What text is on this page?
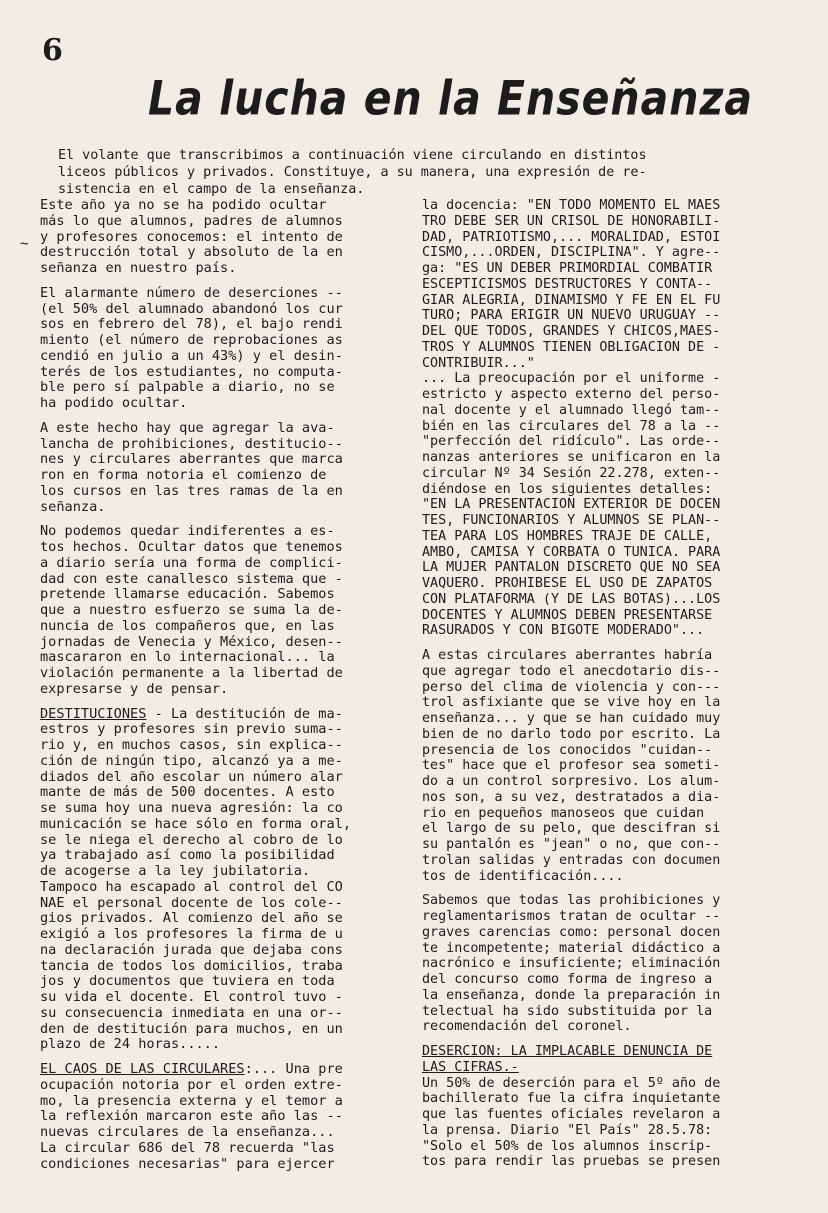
6
La lucha en la Enseñanza

El volante que transcribimos a continuación viene circulando en distintos

liceos públicos y privados. Constituye, a su manera, una expresión de re-

sistencia en el campo de la enseñanza.

~
Este año ya no se ha podido ocultar
más lo que alumnos, padres de alumnos
y profesores conocemos: el intento de
destrucción total y absoluto de la en
señanza en nuestro país.
El alarmante número de deserciones --
(el 50% del alumnado abandonó los cur
sos en febrero del 78), el bajo rendi
miento (el número de reprobaciones as
cendió en julio a un 43%) y el desin-
terés de los estudiantes, no computa-
ble pero sí palpable a diario, no se
ha podido ocultar.
A este hecho hay que agregar la ava-
lancha de prohibiciones, destitucio--
nes y circulares aberrantes que marca
ron en forma notoria el comienzo de
los cursos en las tres ramas de la en
señanza.
No podemos quedar indiferentes a es-
tos hechos. Ocultar datos que tenemos
a diario sería una forma de complici-
dad con este canallesco sistema que -
pretende llamarse educación. Sabemos
que a nuestro esfuerzo se suma la de-
nuncia de los compañeros que, en las
jornadas de Venecia y México, desen--
mascararon en lo internacional... la
violación permanente a la libertad de
expresarse y de pensar.
DESTITUCIONES - La destitución de ma-
estros y profesores sin previo suma--
rio y, en muchos casos, sin explica--
ción de ningún tipo, alcanzó ya a me-
diados del año escolar un número alar
mante de más de 500 docentes. A esto
se suma hoy una nueva agresión: la co
municación se hace sólo en forma oral,
se le niega el derecho al cobro de lo
ya trabajado así como la posibilidad
de acogerse a la ley jubilatoria.
Tampoco ha escapado al control del CO
NAE el personal docente de los cole--
gios privados. Al comienzo del año se
exigió a los profesores la firma de u
na declaración jurada que dejaba cons
tancia de todos los domicilios, traba
jos y documentos que tuviera en toda
su vida el docente. El control tuvo -
su consecuencia inmediata en una or--
den de destitución para muchos, en un
plazo de 24 horas.....
EL CAOS DE LAS CIRCULARES:... Una pre
ocupación notoria por el orden extre-
mo, la presencia externa y el temor a
la reflexión marcaron este año las --
nuevas circulares de la enseñanza...
La circular 686 del 78 recuerda "las
condiciones necesarias" para ejercer
la docencia: "EN TODO MOMENTO EL MAES
TRO DEBE SER UN CRISOL DE HONORABILI-
DAD, PATRIOTISMO,... MORALIDAD, ESTOI
CISMO,...ORDEN, DISCIPLINA". Y agre--
ga: "ES UN DEBER PRIMORDIAL COMBATIR
ESCEPTICISMOS DESTRUCTORES Y CONTA--
GIAR ALEGRIA, DINAMISMO Y FE EN EL FU
TURO; PARA ERIGIR UN NUEVO URUGUAY --
DEL QUE TODOS, GRANDES Y CHICOS,MAES-
TROS Y ALUMNOS TIENEN OBLIGACION DE -
CONTRIBUIR..."
... La preocupación por el uniforme -
estricto y aspecto externo del perso-
nal docente y el alumnado llegó tam--
bién en las circulares del 78 a la --
"perfección del ridículo". Las orde--
nanzas anteriores se unificaron en la
circular Nº 34 Sesión 22.278, exten--
diéndose en los siguientes detalles:
"EN LA PRESENTACION EXTERIOR DE DOCEN
TES, FUNCIONARIOS Y ALUMNOS SE PLAN--
TEA PARA LOS HOMBRES TRAJE DE CALLE,
AMBO, CAMISA Y CORBATA O TUNICA. PARA
LA MUJER PANTALON DISCRETO QUE NO SEA
VAQUERO. PROHIBESE EL USO DE ZAPATOS
CON PLATAFORMA (Y DE LAS BOTAS)...LOS
DOCENTES Y ALUMNOS DEBEN PRESENTARSE
RASURADOS Y CON BIGOTE MODERADO"...
A estas circulares aberrantes habría
que agregar todo el anecdotario dis--
perso del clima de violencia y con---
trol asfixiante que se vive hoy en la
enseñanza... y que se han cuidado muy
bien de no darlo todo por escrito. La
presencia de los conocidos "cuidan--
tes" hace que el profesor sea someti-
do a un control sorpresivo. Los alum-
nos son, a su vez, destratados a dia-
rio en pequeños manoseos que cuidan
el largo de su pelo, que descifran si
su pantalón es "jean" o no, que con--
trolan salidas y entradas con documen
tos de identificación....
Sabemos que todas las prohibiciones y
reglamentarismos tratan de ocultar --
graves carencias como: personal docen
te incompetente; material didáctico a
nacrónico e insuficiente; eliminación
del concurso como forma de ingreso a
la enseñanza, donde la preparación in
telectual ha sido substituida por la
recomendación del coronel.
DESERCION: LA IMPLACABLE DENUNCIA DE
LAS CIFRAS.-
Un 50% de deserción para el 5º año de
bachillerato fue la cifra inquietante
que las fuentes oficiales revelaron a
la prensa. Diario "El País" 28.5.78:
"Solo el 50% de los alumnos inscrip-
tos para rendir las pruebas se presen
